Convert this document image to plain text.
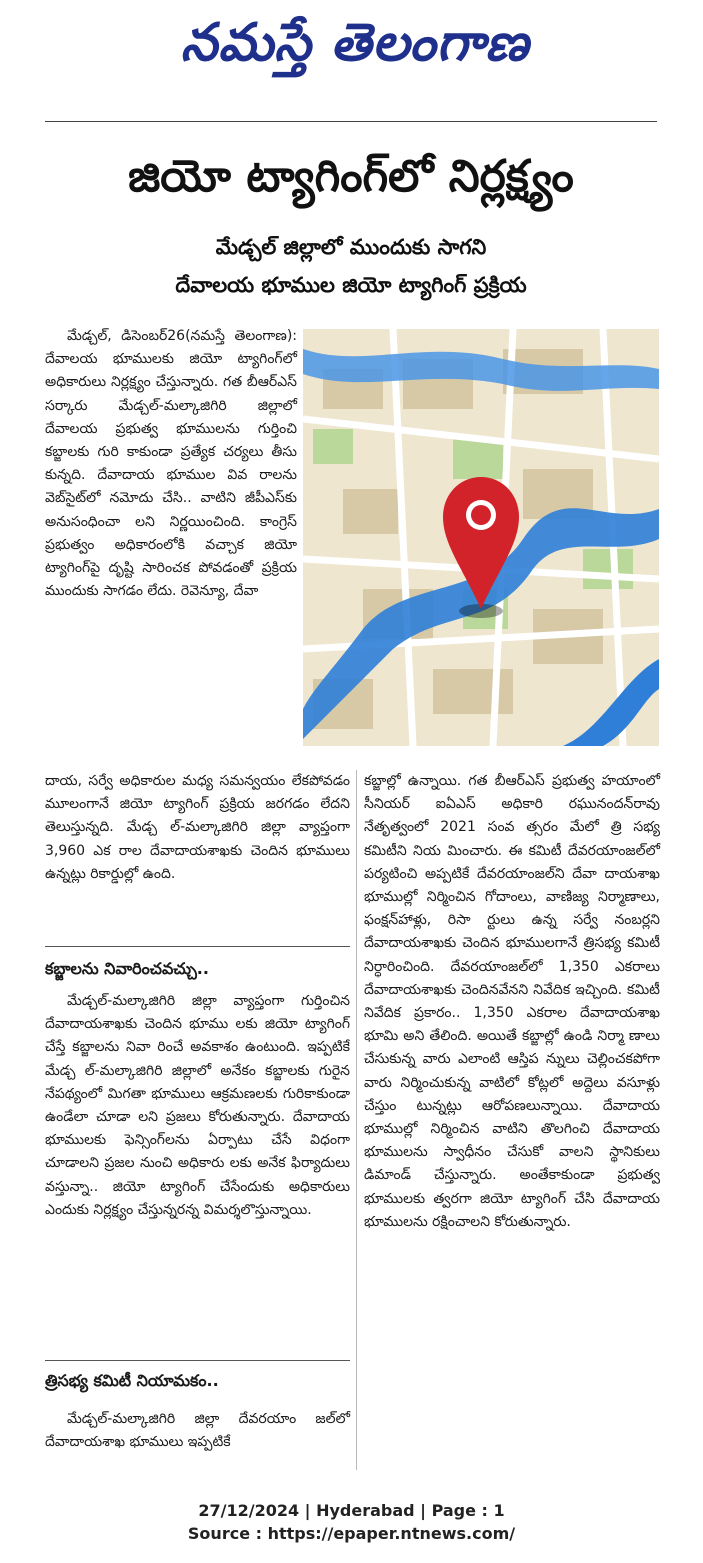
నమస్తే తెలంగాణ
జియో ట్యాగింగ్‌లో నిర్లక్ష్యం
మేడ్చల్ జిల్లాలో ముందుకు సాగని
దేవాలయ భూముల జియో ట్యాగింగ్ ప్రక్రియ

మేడ్చల్, డిసెంబర్26(నమస్తే తెలంగాణ): దేవాలయ భూములకు జియో ట్యాగింగ్‌లో అధికారులు నిర్లక్ష్యం చేస్తున్నారు. గత బీఆర్‌ఎస్ సర్కారు మేడ్చల్-మల్కాజిగిరి జిల్లాలో దేవాలయ ప్రభుత్వ భూములను గుర్తించి కబ్జాలకు గురి కాకుండా ప్రత్యేక చర్యలు తీసు కున్నది. దేవాదాయ భూముల వివ రాలను వెబ్‌సైట్‌లో నమోదు చేసి.. వాటిని జీపీఎస్‌కు అనుసంధించా లని నిర్ణయించింది. కాంగ్రెస్ ప్రభుత్వం అధికారంలోకి వచ్చాక జియో ట్యాగింగ్‌పై దృష్టి సారించక పోవడంతో ప్రక్రియ ముందుకు సాగడం లేదు. రెవెన్యూ, దేవా

దాయ, సర్వే అధికారుల మధ్య సమన్వయం లేకపోవడం మూలంగానే జియో ట్యాగింగ్ ప్రక్రియ జరగడం లేదని తెలుస్తున్నది. మేడ్చ ల్-మల్కాజిగిరి జిల్లా వ్యాప్తంగా 3,960 ఎక రాల దేవాదాయశాఖకు చెందిన భూములు ఉన్నట్లు రికార్డుల్లో ఉంది.

కబ్జాలను నివారించవచ్చు..

మేడ్చల్-మల్కాజిగిరి జిల్లా వ్యాప్తంగా గుర్తించిన దేవాదాయశాఖకు చెందిన భూము లకు జియో ట్యాగింగ్ చేస్తే కబ్జాలను నివా రించే అవకాశం ఉంటుంది. ఇప్పటికే మేడ్చ ల్-మల్కాజిగిరి జిల్లాలో అనేకం కబ్జాలకు గురైన నేపథ్యంలో మిగతా భూములు ఆక్రమణలకు గురికాకుండా ఉండేలా చూడా లని ప్రజలు కోరుతున్నారు. దేవాదాయ భూములకు ఫెన్సింగ్‌లను ఏర్పాటు చేసే విధంగా చూడాలని ప్రజల నుంచి అధికారు లకు అనేక ఫిర్యాదులు వస్తున్నా.. జియో ట్యాగింగ్ చేసేందుకు అధికారులు ఎందుకు నిర్లక్ష్యం చేస్తున్నరన్న విమర్శలొస్తున్నాయి.

త్రిసభ్య కమిటీ నియామకం..

మేడ్చల్-మల్కాజిగిరి జిల్లా దేవరయాం జల్‌లో దేవాదాయశాఖ భూములు ఇప్పటికే

కబ్జాల్లో ఉన్నాయి. గత బీఆర్‌ఎస్ ప్రభుత్వ హయాంలో సీనియర్ ఐఏఎస్ అధికారి రఘునందన్‌రావు నేతృత్వంలో 2021 సంవ త్సరం మేలో త్రి సభ్య కమిటీని నియ మించారు. ఈ కమిటీ దేవరయాంజల్‌లో పర్యటించి అప్పటికే దేవరయాంజల్‌ని దేవా దాయశాఖ భూముల్లో నిర్మించిన గోదాంలు, వాణిజ్య నిర్మాణాలు, ఫంక్షన్‌హాళ్లు, రిసా ర్టులు ఉన్న సర్వే నంబర్లని దేవాదాయశాఖకు చెందిన భూములగానే త్రిసభ్య కమిటీ నిర్ధారించింది. దేవరయాంజల్‌లో 1,350 ఎకరాలు దేవాదాయశాఖకు చెందినవేనని నివేదిక ఇచ్చింది. కమిటీ నివేదిక ప్రకారం.. 1,350 ఎకరాల దేవాదాయశాఖ భూమి అని తేలింది. అయితే కబ్జాల్లో ఉండి నిర్మా ణాలు చేసుకున్న వారు ఎలాంటి ఆస్తిప న్నులు చెల్లించకపోగా వారు నిర్మించుకున్న వాటిలో కోట్లలో అద్దెలు వసూళ్లు చేస్తుం టున్నట్లు ఆరోపణలున్నాయి. దేవాదాయ భూముల్లో నిర్మించిన వాటిని తొలగించి దేవాదాయ భూములను స్వాధీనం చేసుకో వాలని స్థానికులు డిమాండ్ చేస్తున్నారు. అంతేకాకుండా ప్రభుత్వ భూములకు త్వరగా జియో ట్యాగింగ్ చేసి దేవాదాయ భూములను రక్షించాలని కోరుతున్నారు.

27/12/2024 | Hyderabad | Page : 1
Source : https://epaper.ntnews.com/
